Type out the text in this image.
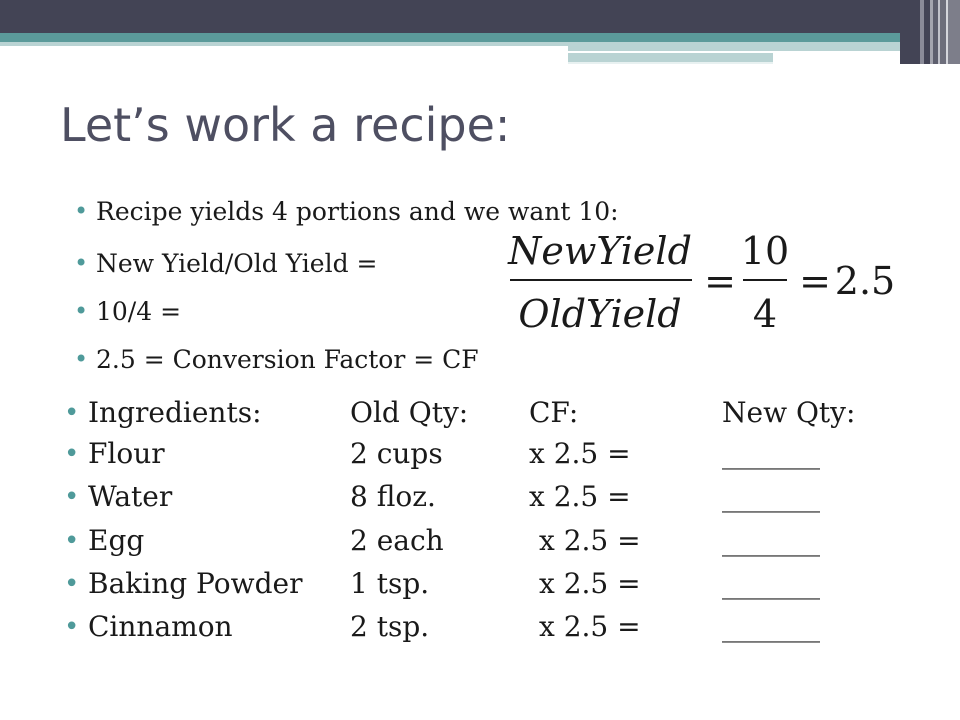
Let’s work a recipe:
• Recipe yields 4 portions and we want 10:
• New Yield/Old Yield =
• 10/4 =
• 2.5 = Conversion Factor = CF
NewYield
OldYield
=
10
4
= 2.5
• Ingredients:	Old Qty: CF:	New Qty:
• Flour	2 cups	x 2.5 =	_______
• Water	8 floz.	x 2.5 =	_______
• Egg	2 each	x 2.5 =	_______
• Baking Powder 1 tsp.	x 2.5 =	_______
• Cinnamon	2 tsp.	x 2.5 =	_______
